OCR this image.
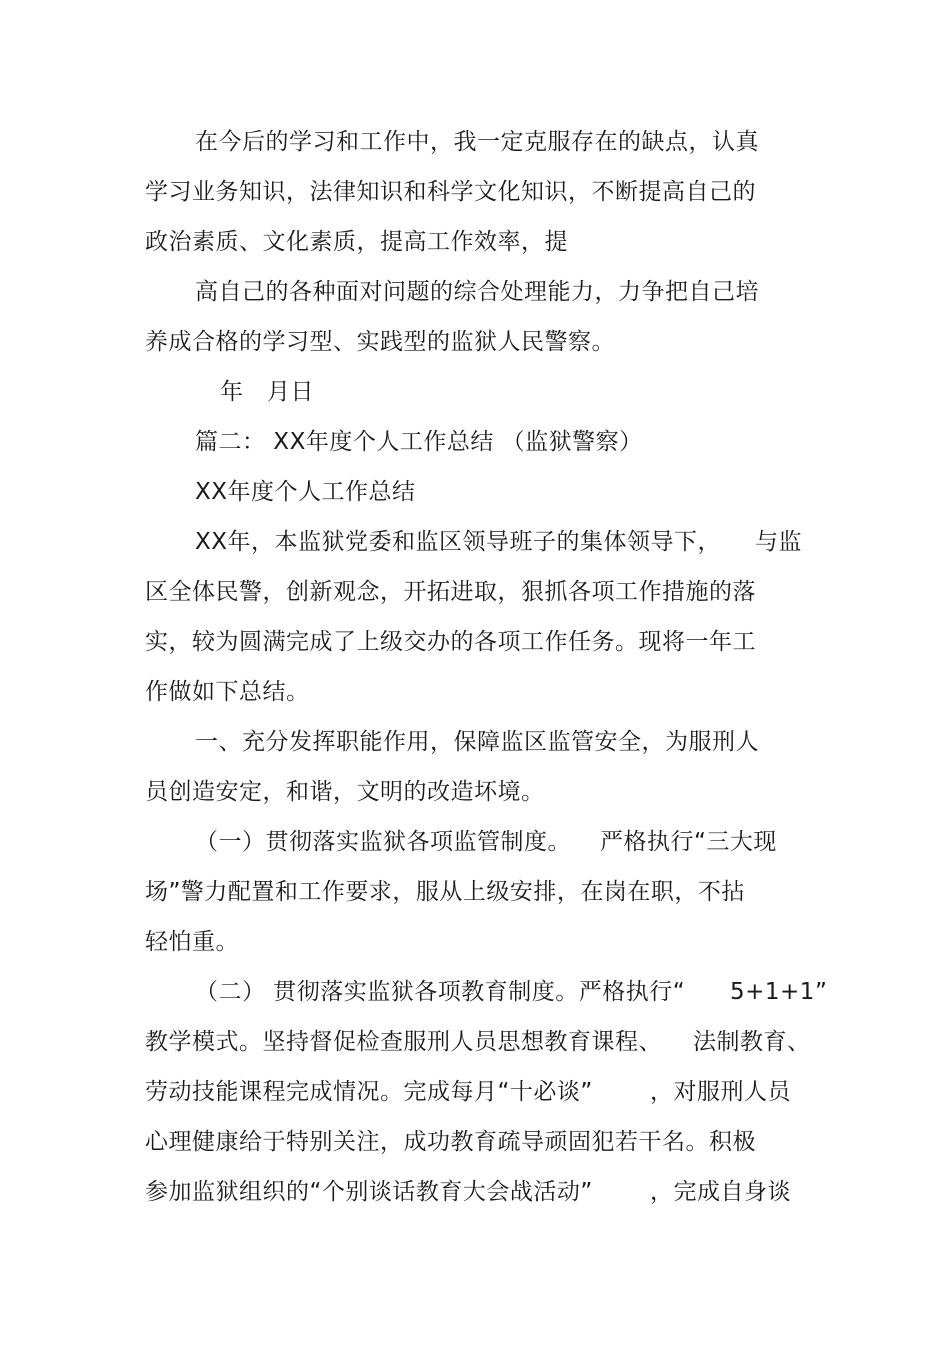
在今后的学习和工作中，我一定克服存在的缺点，认真
学习业务知识，法律知识和科学文化知识，不断提高自己的
政治素质、文化素质，提高工作效率，提
高自己的各种面对问题的综合处理能力，力争把自己培
养成合格的学习型、实践型的监狱人民警察。
年　月日
篇二： XX年度个人工作总结 （监狱警察）
XX年度个人工作总结
XX年，本监狱党委和监区领导班子的集体领导下， 与监
区全体民警，创新观念，开拓进取，狠抓各项工作措施的落
实，较为圆满完成了上级交办的各项工作任务。现将一年工
作做如下总结。
一、充分发挥职能作用，保障监区监管安全，为服刑人
员创造安定，和谐，文明的改造坏境。
（一）贯彻落实监狱各项监管制度。 严格执行“三大现
场”警力配置和工作要求，服从上级安排，在岗在职，不拈
轻怕重。
（二） 贯彻落实监狱各项教育制度。严格执行“ 5+1+1”
教学模式。坚持督促检查服刑人员思想教育课程、 法制教育、
劳动技能课程完成情况。完成每月“十必谈” ，对服刑人员
心理健康给于特别关注，成功教育疏导顽固犯若干名。积极
参加监狱组织的“个别谈话教育大会战活动” ，完成自身谈
